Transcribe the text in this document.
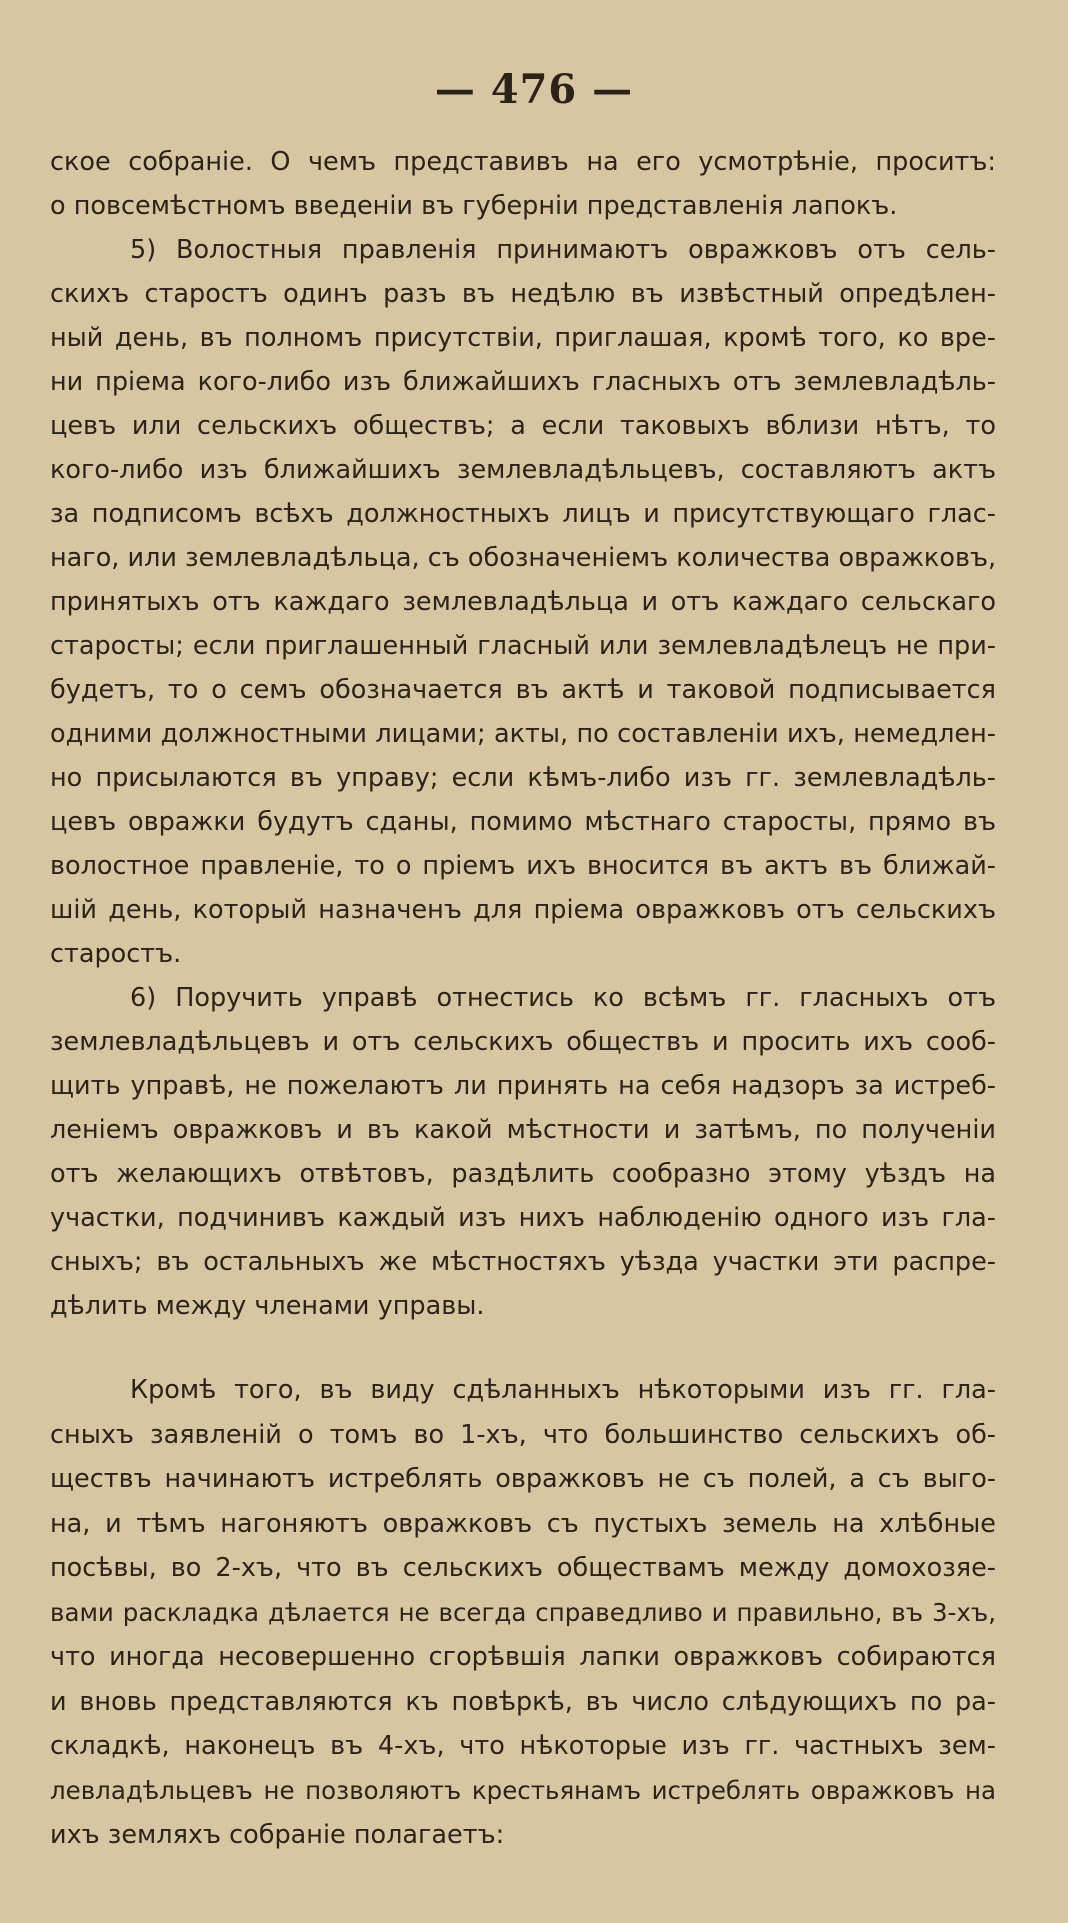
— 476 —
ское собраніе. О чемъ представивъ на его усмотрѣніе, проситъ:
о повсемѣстномъ введеніи въ губерніи представленія лапокъ.
5) Волостныя правленія принимаютъ овражковъ отъ сель-
скихъ старостъ одинъ разъ въ недѣлю въ извѣстный опредѣлен-
ный день, въ полномъ присутствіи, приглашая, кромѣ того, ко вре-
ни пріема кого-либо изъ ближайшихъ гласныхъ отъ землевладѣль-
цевъ или сельскихъ обществъ; а если таковыхъ вблизи нѣтъ, то
кого-либо изъ ближайшихъ землевладѣльцевъ, составляютъ актъ
за подписомъ всѣхъ должностныхъ лицъ и присутствующаго глас-
наго, или землевладѣльца, съ обозначеніемъ количества овражковъ,
принятыхъ отъ каждаго землевладѣльца и отъ каждаго сельскаго
старосты; если приглашенный гласный или землевладѣлецъ не при-
будетъ, то о семъ обозначается въ актѣ и таковой подписывается
одними должностными лицами; акты, по составленіи ихъ, немедлен-
но присылаются въ управу; если кѣмъ-либо изъ гг. землевладѣль-
цевъ овражки будутъ сданы, помимо мѣстнаго старосты, прямо въ
волостное правленіе, то о пріемъ ихъ вносится въ актъ въ ближай-
шій день, который назначенъ для пріема овражковъ отъ сельскихъ
старостъ.
6) Поручить управѣ отнестись ко всѣмъ гг. гласныхъ отъ
землевладѣльцевъ и отъ сельскихъ обществъ и просить ихъ сооб-
щить управѣ, не пожелаютъ ли принять на себя надзоръ за истреб-
леніемъ овражковъ и въ какой мѣстности и затѣмъ, по полученіи
отъ желающихъ отвѣтовъ, раздѣлить сообразно этому уѣздъ на
участки, подчинивъ каждый изъ нихъ наблюденію одного изъ гла-
сныхъ; въ остальныхъ же мѣстностяхъ уѣзда участки эти распре-
дѣлить между членами управы.
Кромѣ того, въ виду сдѣланныхъ нѣкоторыми изъ гг. гла-
сныхъ заявленій о томъ во 1-хъ, что большинство сельскихъ об-
ществъ начинаютъ истреблять овражковъ не съ полей, а съ выго-
на, и тѣмъ нагоняютъ овражковъ съ пустыхъ земель на хлѣбные
посѣвы, во 2-хъ, что въ сельскихъ обществамъ между домохозяе-
вами раскладка дѣлается не всегда справедливо и правильно, въ 3-хъ,
что иногда несовершенно сгорѣвшія лапки овражковъ собираются
и вновь представляются къ повѣркѣ, въ число слѣдующихъ по ра-
складкѣ, наконецъ въ 4-хъ, что нѣкоторые изъ гг. частныхъ зем-
левладѣльцевъ не позволяютъ крестьянамъ истреблять овражковъ на
ихъ земляхъ собраніе полагаетъ:
